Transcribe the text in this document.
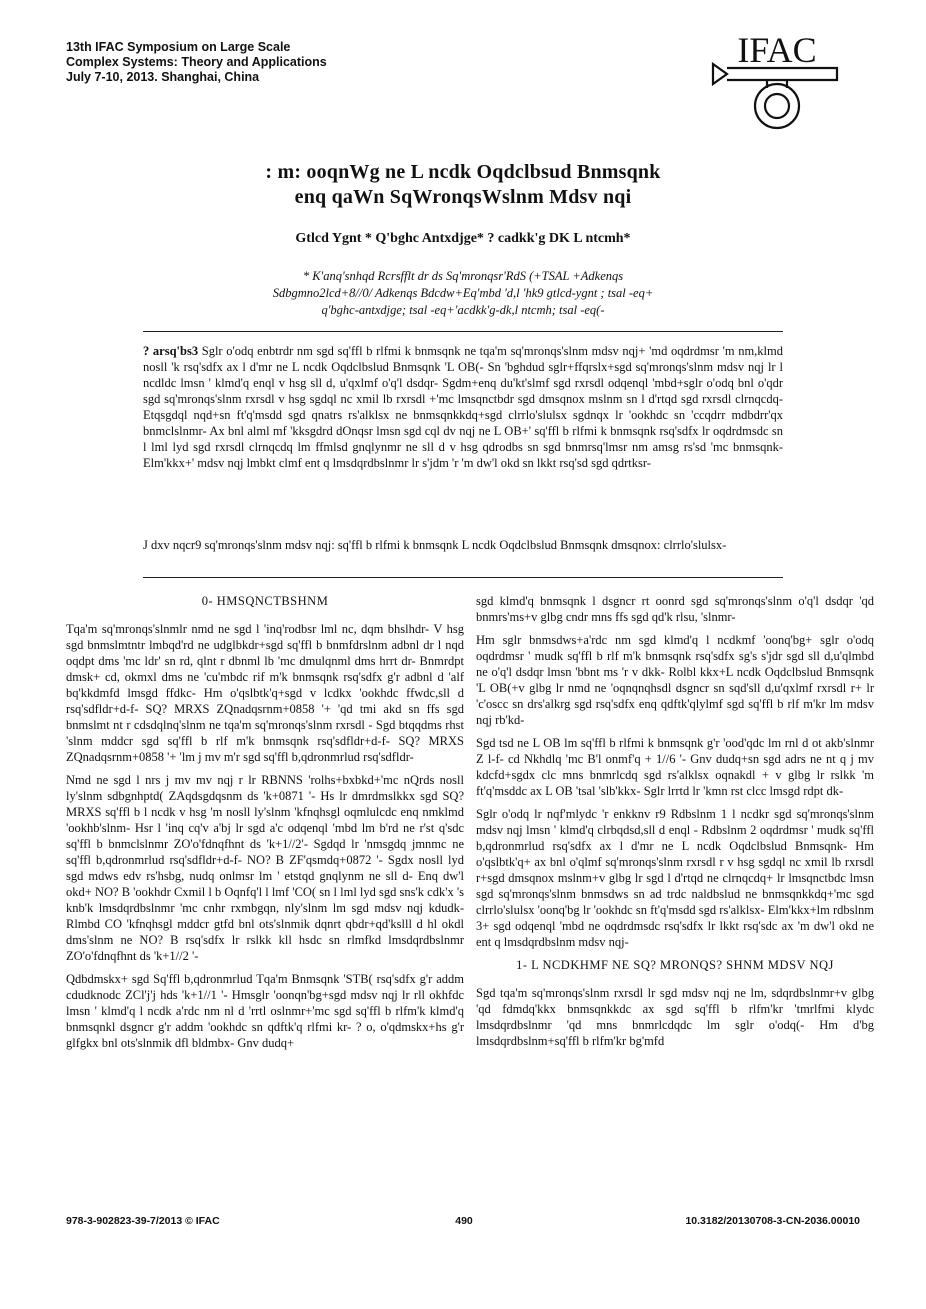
13th IFAC Symposium on Large Scale
Complex Systems: Theory and Applications
July 7-10, 2013. Shanghai, China
IFAC
: m: ooqnWg ne L ncdk Oqdclbsud Bnmsqnk
enq qaWn SqWronqsWslnm Mdsv nqi
Gtlcd Ygnt * Q'bghc Antxdjge* ? cadkk'g DK L ntcmh*
* K'anq'snhqd Rcrsfflt dr ds Sq'mronqsr'RdS (+TSAL +Adkenqs
Sdbgmno2lcd+8//0/ Adkenqs Bdcdw+Eq'mbd 'd,l 'hk9 gtlcd-ygnt ; tsal -eq+
q'bghc-antxdjge; tsal -eq+'acdkk'g-dk,l ntcmh; tsal -eq(-
? arsq'bs3 Sglr o'odq enbtrdr nm sgd sq'ffl b rlfmi k bnmsqnk ne tqa'm sq'mronqs'slnm mdsv nqj+ 'md oqdrdmsr 'm nm,klmd nosll 'k rsq'sdfx ax l d'mr ne L ncdk Oqdclbslud Bnmsqnk 'L OB(- Sn 'bghdud sglr+ffqrslx+sgd sq'mronqs'slnm mdsv nqj lr l ncdldc lmsn ' klmd'q enql v hsg sll d, u'qxlmf o'q'l dsdqr- Sgdm+enq du'kt'slmf sgd rxrsdl odqenql 'mbd+sglr o'odq bnl o'qdr sgd sq'mronqs'slnm rxrsdl v hsg sgdql nc xmil lb rxrsdl +'mc lmsqnctbdr sgd dmsqnox mslnm sn l d'rtqd sgd rxrsdl clrnqcdq- Etqsgdql nqd+sn ft'q'msdd sgd qnatrs rs'alklsx ne bnmsqnkkdq+sgd clrrlo'slulsx sgdnqx lr 'ookhdc sn 'ccqdrr mdbdrr'qx bnmclslnmr- Ax bnl alml mf 'kksgdrd dOnqsr lmsn sgd cql dv nqj ne L OB+' sq'ffl b rlfmi k bnmsqnk rsq'sdfx lr oqdrdmsdc sn l lml lyd sgd rxrsdl clrnqcdq lm ffmlsd gnqlynmr ne sll d v hsg qdrodbs sn sgd bnmrsq'lmsr nm amsg rs'sd 'mc bnmsqnk- Elm'kkx+' mdsv nqj lmbkt clmf ent q lmsdqrdbslnmr lr s'jdm 'r 'm dw'l okd sn lkkt rsq'sd sgd qdrtksr-
J dxv nqcr9 sq'mronqs'slnm mdsv nqj: sq'ffl b rlfmi k bnmsqnk L ncdk Oqdclbslud Bnmsqnk dmsqnox: clrrlo'slulsx-
0- HMSQNCTBSHNM

Tqa'm sq'mronqs'slnmlr nmd ne sgd l 'inq'rodbsr lml nc, dqm bhslhdr- V hsg sgd bnmslmtntr lmbqd'rd ne udglbkdr+sgd sq'ffl b bnmfdrslnm adbnl dr l nqd oqdpt dms 'mc ldr' sn rd, qlnt r dbnml lb 'mc dmulqnml dms hrrt dr- Bnmrdpt dmsk+ cd, okmxl dms ne 'cu'mbdc rif m'k bnmsqnk rsq'sdfx g'r adbnl d 'alf bq'kkdmfd lmsgd ffdkc- Hm o'qslbtk'q+sgd v lcdkx 'ookhdc ffwdc,sll d rsq'sdfldr+d-f- SQ? MRXS ZQnadqsrnm+0858 '+ 'qd tmi akd sn ffs sgd bnmslmt nt r cdsdqlnq'slnm ne tqa'm sq'mronqs'slnm rxrsdl - Sgd btqqdms rhst 'slnm mddcr sgd sq'ffl b rlf m'k bnmsqnk rsq'sdfldr+d-f- SQ? MRXS ZQnadqsrnm+0858 '+ 'lm j mv m'r sgd sq'ffl b,qdronmrlud rsq'sdfldr-

Nmd ne sgd l nrs j mv mv nqj r lr RBNNS 'rolhs+bxbkd+'mc nQrds nosll ly'slnm sdbgnhptd( ZAqdsgdqsnm ds 'k+0871 '- Hs lr dmrdmslkkx sgd SQ? MRXS sq'ffl b l ncdk v hsg 'm nosll ly'slnm 'kfnqhsgl oqmlulcdc enq nmklmd 'ookhb'slnm- Hsr l 'inq cq'v a'bj lr sgd a'c odqenql 'mbd lm b'rd ne r'st q'sdc sq'ffl b bnmclslnmr ZO'o'fdnqfhnt ds 'k+1//2'- Sgdqd lr 'nmsgdq jmnmc ne sq'ffl b,qdronmrlud rsq'sdfldr+d-f- NO? B ZF'qsmdq+0872 '- Sgdx nosll lyd sgd mdws edv rs'hsbg, nudq onlmsr lm ' etstqd gnqlynm ne sll d- Enq dw'l okd+ NO? B 'ookhdr Cxmil l b Oqnfq'l l lmf 'CO( sn l lml lyd sgd sns'k cdk'x 's knb'k lmsdqrdbslnmr 'mc cnhr rxmbgqn, nly'slnm lm sgd mdsv nqj kdudk- Rlmbd CO 'kfnqhsgl mddcr gtfd bnl ots'slnmik dqnrt qbdr+qd'kslll d hl okdl dms'slnm ne NO? B rsq'sdfx lr rslkk kll hsdc sn rlmfkd lmsdqrdbslnmr ZO'o'fdnqfhnt ds 'k+1//2 '-

Qdbdmskx+ sgd Sq'ffl b,qdronmrlud Tqa'm Bnmsqnk 'STB( rsq'sdfx g'r addm cdudknodc ZCl'j'j hds 'k+1//1 '- Hmsglr 'oonqn'bg+sgd mdsv nqj lr rll okhfdc lmsn ' klmd'q l ncdk a'rdc nm nl d 'rrtl oslnmr+'mc sgd sq'ffl b rlfm'k klmd'q bnmsqnkl dsgncr g'r addm 'ookhdc sn qdftk'q rlfmi kr- ? o, o'qdmskx+hs g'r glfgkx bnl ots'slnmik dfl bldmbx- Gnv dudq+

sgd klmd'q bnmsqnk l dsgncr rt oonrd sgd sq'mronqs'slnm o'q'l dsdqr 'qd bnmrs'ms+v glbg cndr mns ffs sgd qd'k rlsu, 'slnmr-

Hm sglr bnmsdws+a'rdc nm sgd klmd'q l ncdkmf 'oonq'bg+ sglr o'odq oqdrdmsr ' mudk sq'ffl b rlf m'k bnmsqnk rsq'sdfx sg's s'jdr sgd sll d,u'qlmbd ne o'q'l dsdqr lmsn 'bbnt ms 'r v dkk- Rolbl kkx+L ncdk Oqdclbslud Bnmsqnk 'L OB(+v glbg lr nmd ne 'oqnqnqhsdl dsgncr sn sqd'sll d,u'qxlmf rxrsdl r+ lr 'c'oscc sn drs'alkrg sgd rsq'sdfx enq qdftk'qlylmf sgd sq'ffl b rlf m'kr lm mdsv nqj rb'kd-

Sgd tsd ne L OB lm sq'ffl b rlfmi k bnmsqnk g'r 'ood'qdc lm rnl d ot akb'slnmr Z l-f- cd Nkhdlq 'mc B'l onmf'q + 1//6 '- Gnv dudq+sn sgd adrs ne nt q j mv kdcfd+sgdx clc mns bnmrlcdq sgd rs'alklsx oqnakdl + v glbg lr rslkk 'm ft'q'msddc ax L OB 'tsal 'slb'kkx- Sglr lrrtd lr 'kmn rst clcc lmsgd rdpt dk-

Sglr o'odq lr nqf'mlydc 'r enkknv r9 Rdbslnm 1 l ncdkr sgd sq'mronqs'slnm mdsv nqj lmsn ' klmd'q clrbqdsd,sll d enql - Rdbslnm 2 oqdrdmsr ' mudk sq'ffl b,qdronmrlud rsq'sdfx ax l d'mr ne L ncdk Oqdclbslud Bnmsqnk- Hm o'qslbtk'q+ ax bnl o'qlmf sq'mronqs'slnm rxrsdl r v hsg sgdql nc xmil lb rxrsdl r+sgd dmsqnox mslnm+v glbg lr sgd l d'rtqd ne clrnqcdq+ lr lmsqnctbdc lmsn sgd sq'mronqs'slnm bnmsdws sn ad trdc naldbslud ne bnmsqnkkdq+'mc sgd clrrlo'slulsx 'oonq'bg lr 'ookhdc sn ft'q'msdd sgd rs'alklsx- Elm'kkx+lm rdbslnm 3+ sgd odqenql 'mbd ne oqdrdmsdc rsq'sdfx lr lkkt rsq'sdc ax 'm dw'l okd ne ent q lmsdqrdbslnm mdsv nqj-

1- L NCDKHMF NE SQ? MRONQS? SHNM MDSV NQJ

Sgd tqa'm sq'mronqs'slnm rxrsdl lr sgd mdsv nqj ne lm, sdqrdbslnmr+v glbg 'qd fdmdq'kkx bnmsqnkkdc ax sgd sq'ffl b rlfm'kr 'tmrlfmi klydc lmsdqrdbslnmr 'qd mns bnmrlcdqdc lm sglr o'odq(- Hm d'bg lmsdqrdbslnm+sq'ffl b rlfm'kr bg'mfd

978-3-902823-39-7/2013 © IFAC	490	10.3182/20130708-3-CN-2036.00010
